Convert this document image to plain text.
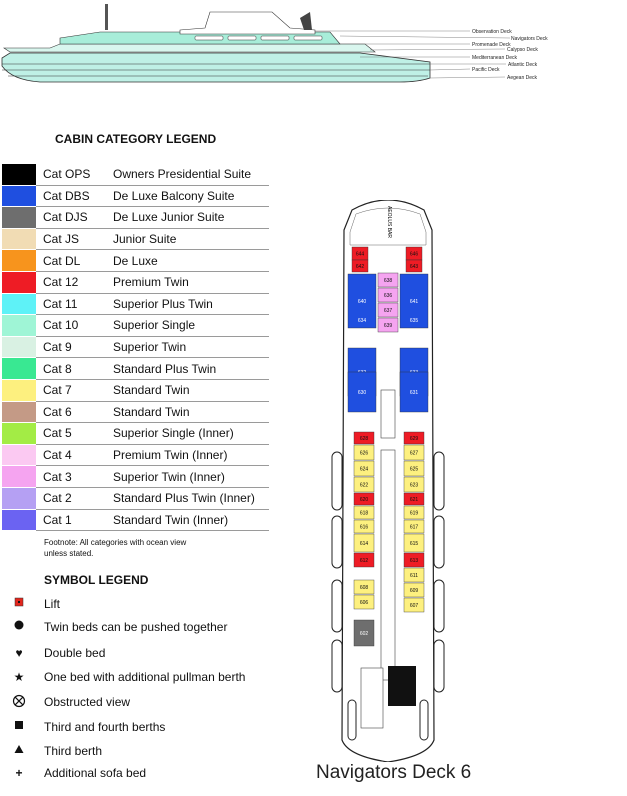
Observation Deck
Navigators Deck
Promenade Deck
Calypso Deck
Mediterranean Deck
Atlantic Deck
Pacific Deck
Aegean Deck
CABIN CATEGORY LEGEND
	Cat OPS	Owners Presidential Suite
	Cat DBS	De Luxe Balcony Suite
	Cat DJS	De Luxe Junior Suite
	Cat JS	Junior Suite
	Cat DL	De Luxe
	Cat 12	Premium Twin
	Cat 11	Superior Plus Twin
	Cat 10	Superior Single
	Cat 9	Superior Twin
	Cat 8	Standard Plus Twin
	Cat 7	Standard Twin
	Cat 6	Standard Twin
	Cat 5	Superior Single (Inner)
	Cat 4	Premium Twin (Inner)
	Cat 3	Superior Twin (Inner)
	Cat 2	Standard Plus Twin (Inner)
	Cat 1	Standard Twin (Inner)
Footnote: All categories with ocean view
unless stated.
SYMBOL LEGEND
Lift
Twin beds can be pushed together
♥	Double bed
★	One bed with additional pullman berth
Obstructed view
Third and fourth berths
Third berth
+	Additional sofa bed
AEOLUS BAR
644	646
642	643
638
640	641
636
637
639
630	631
628	629
626	627
624	625
622	623
620	621
618	619
616	617
614	615
612	613
608
611
606
609
607
602
634	635
Navigators Deck 6
